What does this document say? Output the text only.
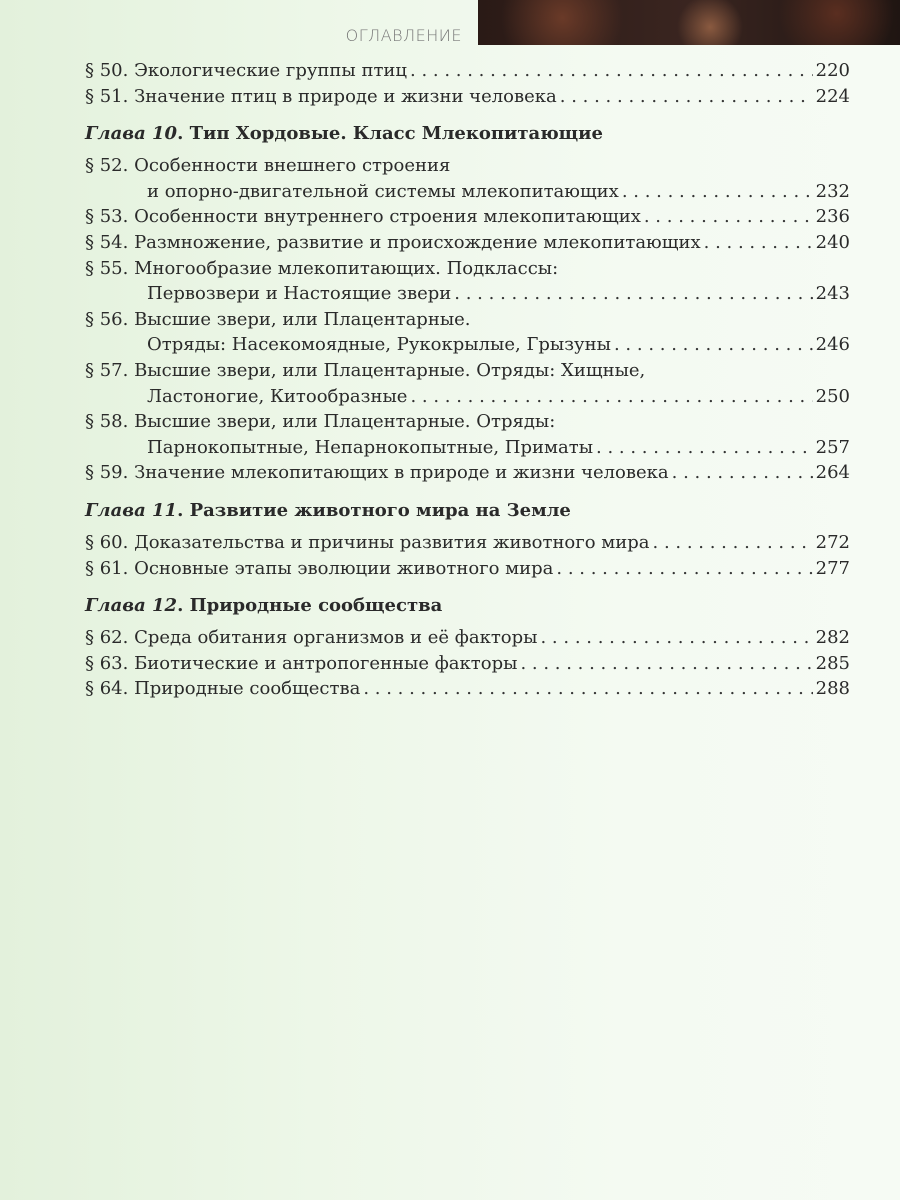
ОГЛАВЛЕНИЕ
§ 50. Экологические группы птиц . . .	220
§ 51. Значение птиц в природе и жизни человека . . .	224
Глава 10. Тип Хордовые. Класс Млекопитающие
§ 52. Особенности внешнего строения
и опорно-двигательной системы млекопитающих . . .	232
§ 53. Особенности внутреннего строения млекопитающих . . .	236
§ 54. Размножение, развитие и происхождение млекопитающих . . .	240
§ 55. Многообразие млекопитающих. Подклассы:
Первозвери и Настоящие звери . . .	243
§ 56. Высшие звери, или Плацентарные.
Отряды: Насекомоядные, Рукокрылые, Грызуны . . .	246
§ 57. Высшие звери, или Плацентарные. Отряды: Хищные,
Ластоногие, Китообразные . . .	250
§ 58. Высшие звери, или Плацентарные. Отряды:
Парнокопытные, Непарнокопытные, Приматы . . .	257
§ 59. Значение млекопитающих в природе и жизни человека . . .	264
Глава 11. Развитие животного мира на Земле
§ 60. Доказательства и причины развития животного мира . . .	272
§ 61. Основные этапы эволюции животного мира . . .	277
Глава 12. Природные сообщества
§ 62. Среда обитания организмов и её факторы . . .	282
§ 63. Биотические и антропогенные факторы . . .	285
§ 64. Природные сообщества . . .	288
